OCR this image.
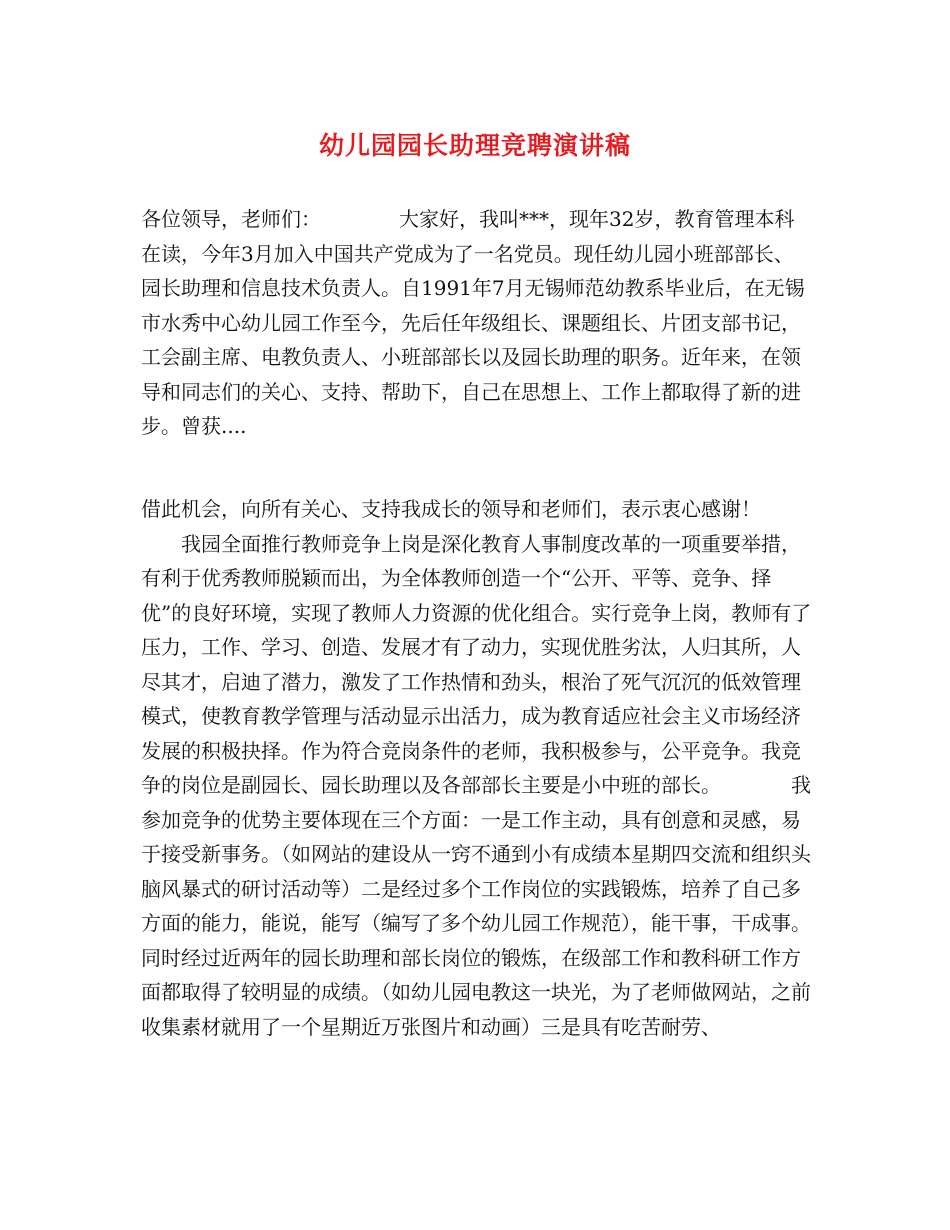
幼儿园园长助理竞聘演讲稿

各位领导，老师们：	大家好，我叫***，现年32岁，教育管理本科在读，今年3月加入中国共产党成为了一名党员。现任幼儿园小班部部长、园长助理和信息技术负责人。自1991年7月无锡师范幼教系毕业后，在无锡市水秀中心幼儿园工作至今，先后任年级组长、课题组长、片团支部书记，工会副主席、电教负责人、小班部部长以及园长助理的职务。近年来，在领导和同志们的关心、支持、帮助下，自己在思想上、工作上都取得了新的进步。曾获....

借此机会，向所有关心、支持我成长的领导和老师们，表示衷心感谢！

我园全面推行教师竞争上岗是深化教育人事制度改革的一项重要举措，有利于优秀教师脱颖而出，为全体教师创造一个“公开、平等、竞争、择优”的良好环境，实现了教师人力资源的优化组合。实行竞争上岗，教师有了压力，工作、学习、创造、发展才有了动力，实现优胜劣汰，人归其所，人尽其才，启迪了潜力，激发了工作热情和劲头，根治了死气沉沉的低效管理模式，使教育教学管理与活动显示出活力，成为教育适应社会主义市场经济发展的积极抉择。作为符合竞岗条件的老师，我积极参与，公平竞争。我竞争的岗位是副园长、园长助理以及各部部长主要是小中班的部长。	我参加竞争的优势主要体现在三个方面：一是工作主动，具有创意和灵感，易于接受新事务。（如网站的建设从一窍不通到小有成绩本星期四交流和组织头脑风暴式的研讨活动等）二是经过多个工作岗位的实践锻炼，培养了自己多方面的能力，能说，能写（编写了多个幼儿园工作规范），能干事，干成事。同时经过近两年的园长助理和部长岗位的锻炼，在级部工作和教科研工作方面都取得了较明显的成绩。（如幼儿园电教这一块光，为了老师做网站，之前收集素材就用了一个星期近万张图片和动画）三是具有吃苦耐劳、
